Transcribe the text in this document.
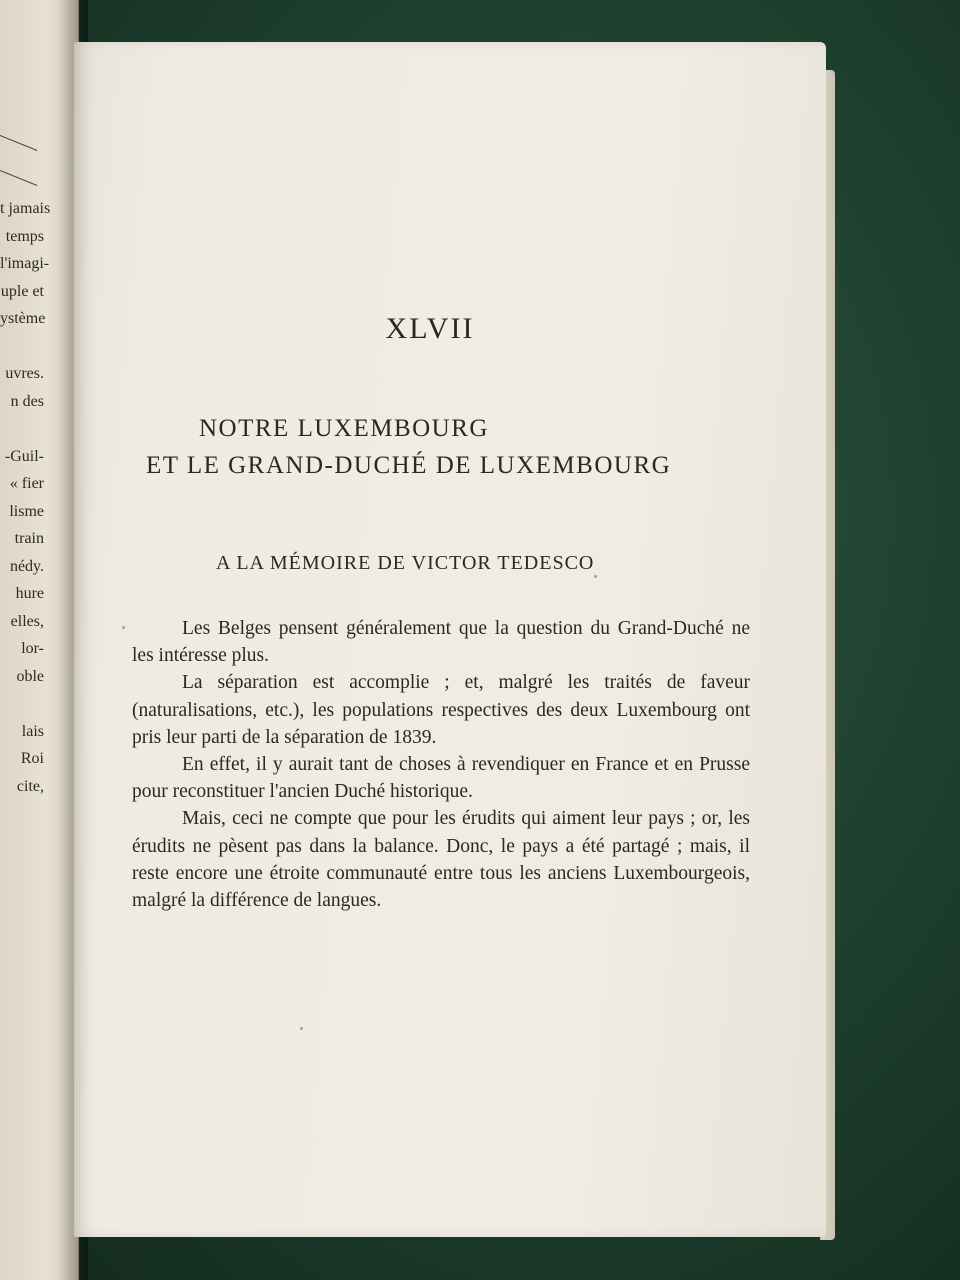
t jamais
temps
l'imagi-
uple et
ystème
uvres.
n des
-Guil-
« fier
lisme
train
nédy.
hure
elles,
lor-
oble
lais
Roi
cite,
XLVII
NOTRE LUXEMBOURG
ET LE GRAND-DUCHÉ DE LUXEMBOURG

A LA MÉMOIRE DE VICTOR TEDESCO

Les Belges pensent généralement que la question du Grand-Duché ne les intéresse plus.

La séparation est accomplie ; et, malgré les traités de faveur (naturalisations, etc.), les populations respectives des deux Luxembourg ont pris leur parti de la séparation de 1839.

En effet, il y aurait tant de choses à revendiquer en France et en Prusse pour reconstituer l'ancien Duché historique.

Mais, ceci ne compte que pour les érudits qui aiment leur pays ; or, les érudits ne pèsent pas dans la balance. Donc, le pays a été partagé ; mais, il reste encore une étroite communauté entre tous les anciens Luxembourgeois, malgré la différence de langues.
